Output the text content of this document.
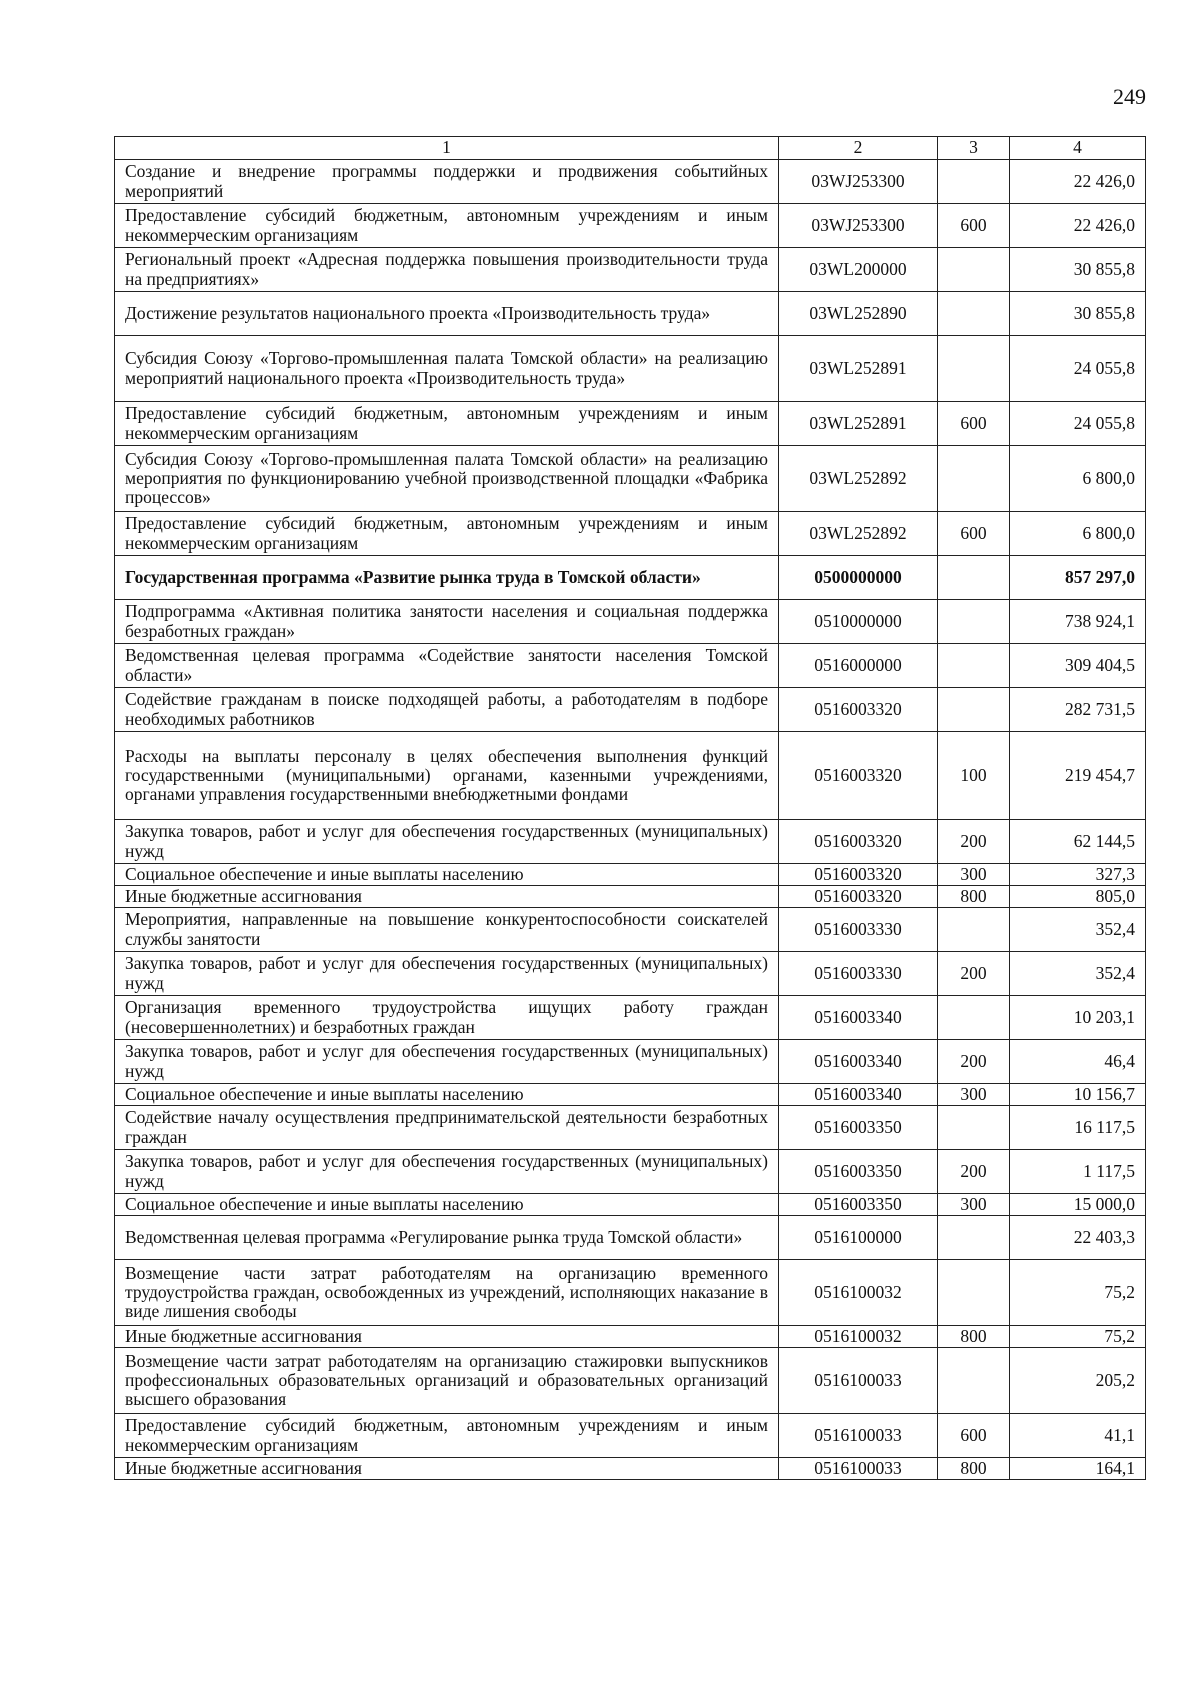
249
1	2	3	4
Создание и внедрение программы поддержки и продвижения событийных мероприятий	03WJ253300		22 426,0
Предоставление субсидий бюджетным, автономным учреждениям и иным некоммерческим организациям	03WJ253300	600	22 426,0
Региональный проект «Адресная поддержка повышения производительности труда на предприятиях»	03WL200000		30 855,8
Достижение результатов национального проекта «Производительность труда»	03WL252890		30 855,8
Субсидия Союзу «Торгово-промышленная палата Томской области» на реализацию мероприятий национального проекта «Производительность труда»	03WL252891		24 055,8
Предоставление субсидий бюджетным, автономным учреждениям и иным некоммерческим организациям	03WL252891	600	24 055,8
Субсидия Союзу «Торгово-промышленная палата Томской области» на реализацию мероприятия по функционированию учебной производственной площадки «Фабрика процессов»	03WL252892		6 800,0
Предоставление субсидий бюджетным, автономным учреждениям и иным некоммерческим организациям	03WL252892	600	6 800,0
Государственная программа «Развитие рынка труда в Томской области»	0500000000		857 297,0
Подпрограмма «Активная политика занятости населения и социальная поддержка безработных граждан»	0510000000		738 924,1
Ведомственная целевая программа «Содействие занятости населения Томской области»	0516000000		309 404,5
Содействие гражданам в поиске подходящей работы, а работодателям в подборе необходимых работников	0516003320		282 731,5
Расходы на выплаты персоналу в целях обеспечения выполнения функций государственными (муниципальными) органами, казенными учреждениями, органами управления государственными внебюджетными фондами	0516003320	100	219 454,7
Закупка товаров, работ и услуг для обеспечения государственных (муниципальных) нужд	0516003320	200	62 144,5
Социальное обеспечение и иные выплаты населению	0516003320	300	327,3
Иные бюджетные ассигнования	0516003320	800	805,0
Мероприятия, направленные на повышение конкурентоспособности соискателей службы занятости	0516003330		352,4
Закупка товаров, работ и услуг для обеспечения государственных (муниципальных) нужд	0516003330	200	352,4
Организация временного трудоустройства ищущих работу граждан (несовершеннолетних) и безработных граждан	0516003340		10 203,1
Закупка товаров, работ и услуг для обеспечения государственных (муниципальных) нужд	0516003340	200	46,4
Социальное обеспечение и иные выплаты населению	0516003340	300	10 156,7
Содействие началу осуществления предпринимательской деятельности безработных граждан	0516003350		16 117,5
Закупка товаров, работ и услуг для обеспечения государственных (муниципальных) нужд	0516003350	200	1 117,5
Социальное обеспечение и иные выплаты населению	0516003350	300	15 000,0
Ведомственная целевая программа «Регулирование рынка труда Томской области»	0516100000		22 403,3
Возмещение части затрат работодателям на организацию временного трудоустройства граждан, освобожденных из учреждений, исполняющих наказание в виде лишения свободы	0516100032		75,2
Иные бюджетные ассигнования	0516100032	800	75,2
Возмещение части затрат работодателям на организацию стажировки выпускников профессиональных образовательных организаций и образовательных организаций высшего образования	0516100033		205,2
Предоставление субсидий бюджетным, автономным учреждениям и иным некоммерческим организациям	0516100033	600	41,1
Иные бюджетные ассигнования	0516100033	800	164,1
